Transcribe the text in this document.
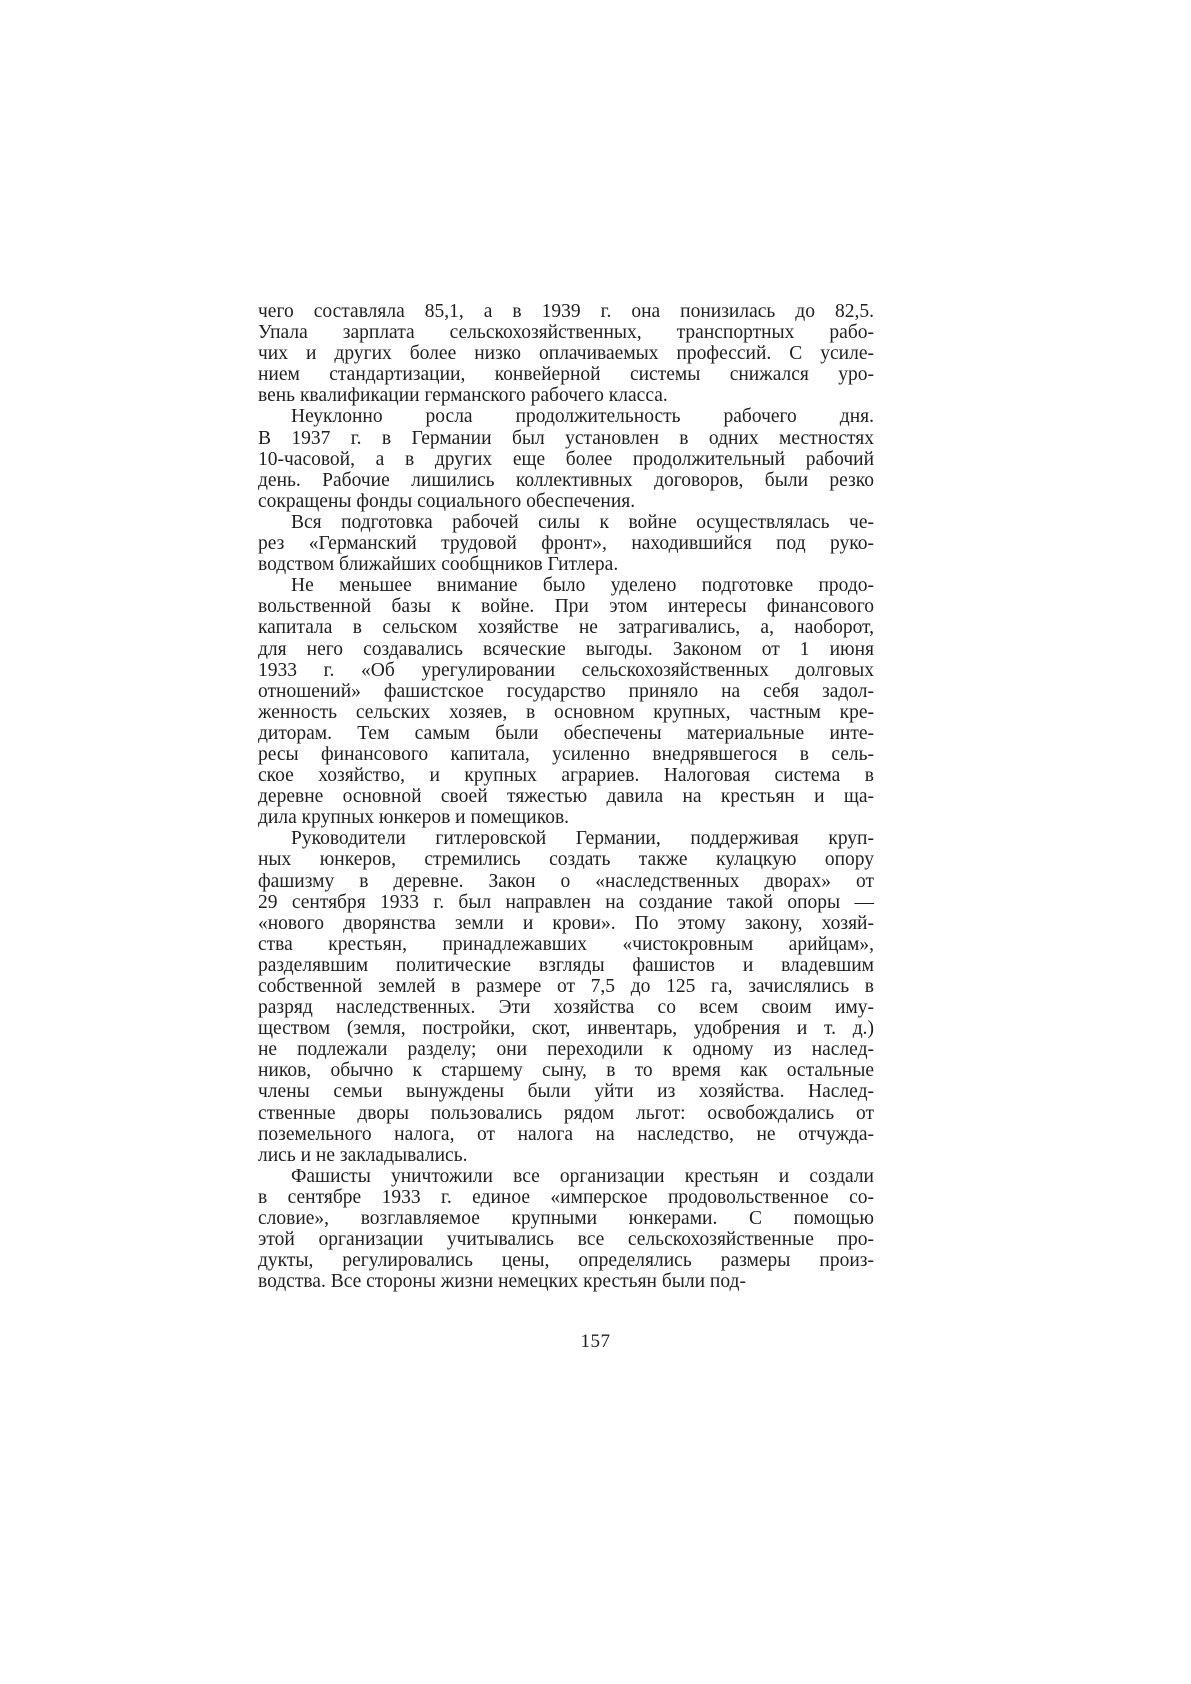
чего составляла 85,1, а в 1939 г. она понизилась до 82,5.
Упала зарплата сельскохозяйственных, транспортных рабо-
чих и других более низко оплачиваемых профессий. С усиле-
нием стандартизации, конвейерной системы снижался уро-
вень квалификации германского рабочего класса.
Неуклонно росла продолжительность рабочего дня.
В 1937 г. в Германии был установлен в одних местностях
10-часовой, а в других еще более продолжительный рабочий
день. Рабочие лишились коллективных договоров, были резко
сокращены фонды социального обеспечения.
Вся подготовка рабочей силы к войне осуществлялась че-
рез «Германский трудовой фронт», находившийся под руко-
водством ближайших сообщников Гитлера.
Не меньшее внимание было уделено подготовке продо-
вольственной базы к войне. При этом интересы финансового
капитала в сельском хозяйстве не затрагивались, а, наоборот,
для него создавались всяческие выгоды. Законом от 1 июня
1933 г. «Об урегулировании сельскохозяйственных долговых
отношений» фашистское государство приняло на себя задол-
женность сельских хозяев, в основном крупных, частным кре-
диторам. Тем самым были обеспечены материальные инте-
ресы финансового капитала, усиленно внедрявшегося в сель-
ское хозяйство, и крупных аграриев. Налоговая система в
деревне основной своей тяжестью давила на крестьян и ща-
дила крупных юнкеров и помещиков.
Руководители гитлеровской Германии, поддерживая круп-
ных юнкеров, стремились создать также кулацкую опору
фашизму в деревне. Закон о «наследственных дворах» от
29 сентября 1933 г. был направлен на создание такой опоры —
«нового дворянства земли и крови». По этому закону, хозяй-
ства крестьян, принадлежавших «чистокровным арийцам»,
разделявшим политические взгляды фашистов и владевшим
собственной землей в размере от 7,5 до 125 га, зачислялись в
разряд наследственных. Эти хозяйства со всем своим иму-
ществом (земля, постройки, скот, инвентарь, удобрения и т. д.)
не подлежали разделу; они переходили к одному из наслед-
ников, обычно к старшему сыну, в то время как остальные
члены семьи вынуждены были уйти из хозяйства. Наслед-
ственные дворы пользовались рядом льгот: освобождались от
поземельного налога, от налога на наследство, не отчужда-
лись и не закладывались.
Фашисты уничтожили все организации крестьян и создали
в сентябре 1933 г. единое «имперское продовольственное со-
словие», возглавляемое крупными юнкерами. С помощью
этой организации учитывались все сельскохозяйственные про-
дукты, регулировались цены, определялись размеры произ-
водства. Все стороны жизни немецких крестьян были под-
157
